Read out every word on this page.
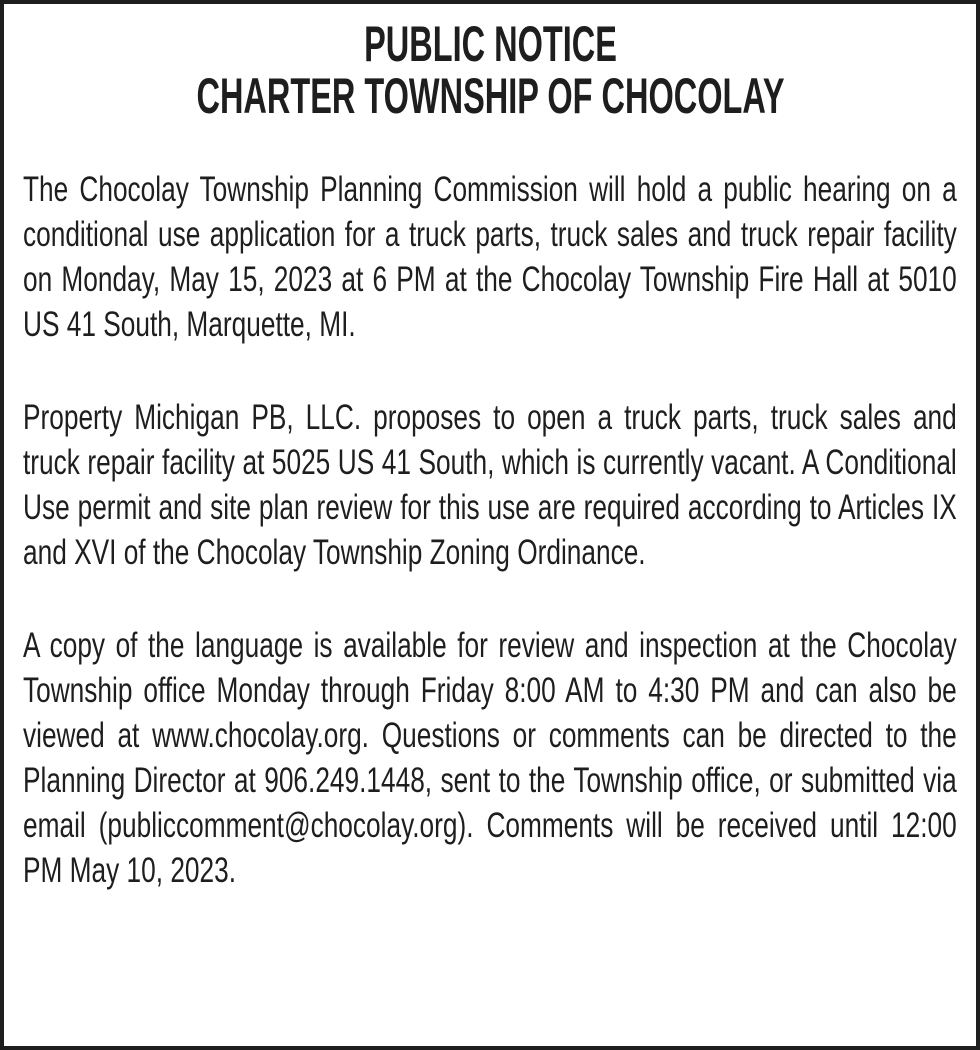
PUBLIC NOTICE
CHARTER TOWNSHIP OF CHOCOLAY

The Chocolay Township Planning Commission will hold a public hearing on a conditional use application for a truck parts, truck sales and truck repair facility on Monday, May 15, 2023 at 6 PM at the Chocolay Township Fire Hall at 5010 US 41 South, Marquette, MI.

Property Michigan PB, LLC. proposes to open a truck parts, truck sales and truck repair facility at 5025 US 41 South, which is currently vacant. A Conditional Use permit and site plan review for this use are required according to Articles IX and XVI of the Chocolay Township Zoning Ordinance.

A copy of the language is available for review and inspection at the Chocolay Township office Monday through Friday 8:00 AM to 4:30 PM and can also be viewed at www.chocolay.org. Questions or comments can be directed to the Planning Director at 906.249.1448, sent to the Township office, or submitted via email (publiccomment@chocolay.org). Comments will be received until 12:00 PM May 10, 2023.
